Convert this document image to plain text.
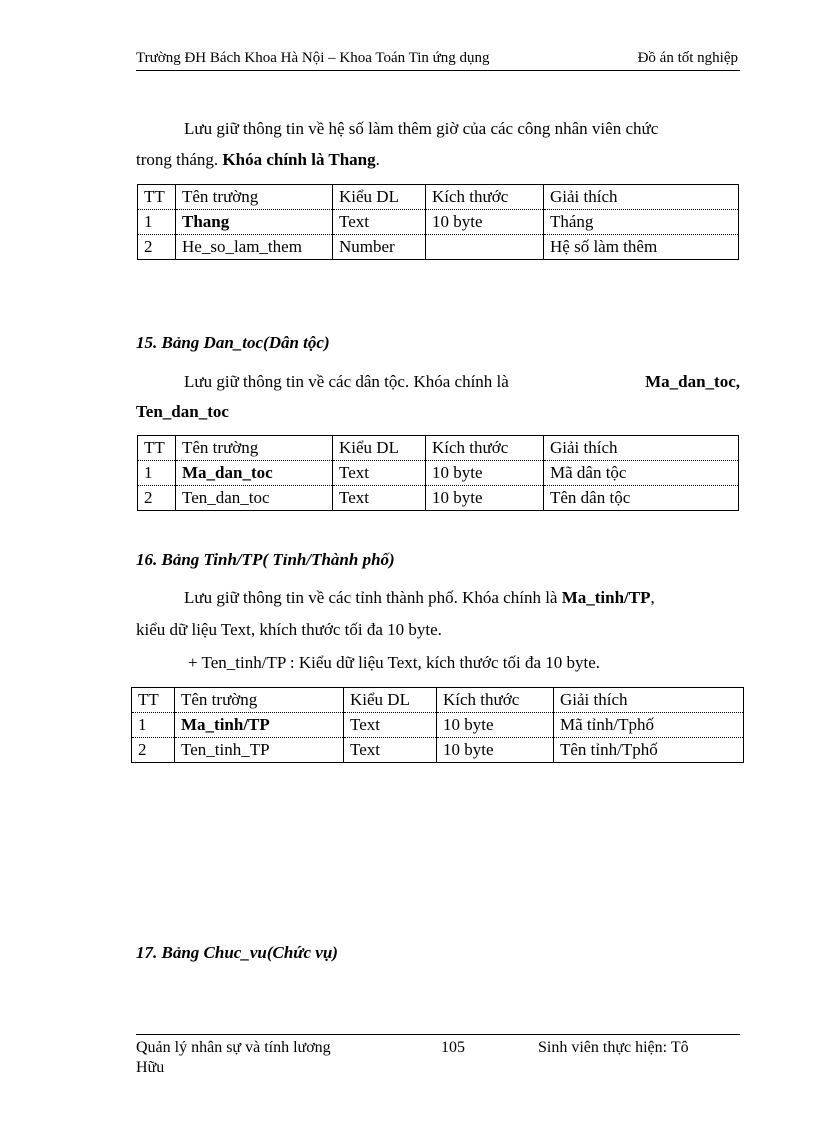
Trường ĐH Bách Khoa Hà Nội – Khoa Toán Tin ứng dụng	Đồ án tốt nghiệp
Lưu giữ thông tin về hệ số làm thêm giờ của các công nhân viên chức
trong tháng. Khóa chính là Thang.
TT	Tên trường	Kiểu DL	Kích thước	Giải thích
1	Thang	Text	10 byte	Tháng
2	He_so_lam_them	Number		Hệ số làm thêm
15. Bảng Dan_toc(Dân tộc)
Lưu giữ thông tin về các dân tộc. Khóa chính là	Ma_dan_toc,
Ten_dan_toc
TT	Tên trường	Kiểu DL	Kích thước	Giải thích
1	Ma_dan_toc	Text	10 byte	Mã dân tộc
2	Ten_dan_toc	Text	10 byte	Tên dân tộc
16. Bảng Tinh/TP( Tỉnh/Thành phố)
Lưu giữ thông tin về các tỉnh thành phố. Khóa chính là Ma_tinh/TP,
kiểu dữ liệu Text, khích thước tối đa 10 byte.
+ Ten_tinh/TP : Kiểu dữ liệu Text, kích thước tối đa 10 byte.
TT	Tên trường	Kiểu DL	Kích thước	Giải thích
1	Ma_tinh/TP	Text	10 byte	Mã tỉnh/Tphố
2	Ten_tinh_TP	Text	10 byte	Tên tỉnh/Tphố
17. Bảng Chuc_vu(Chức vụ)
Quản lý nhân sự và tính lương	105	Sinh viên thực hiện: Tô
Hữu
